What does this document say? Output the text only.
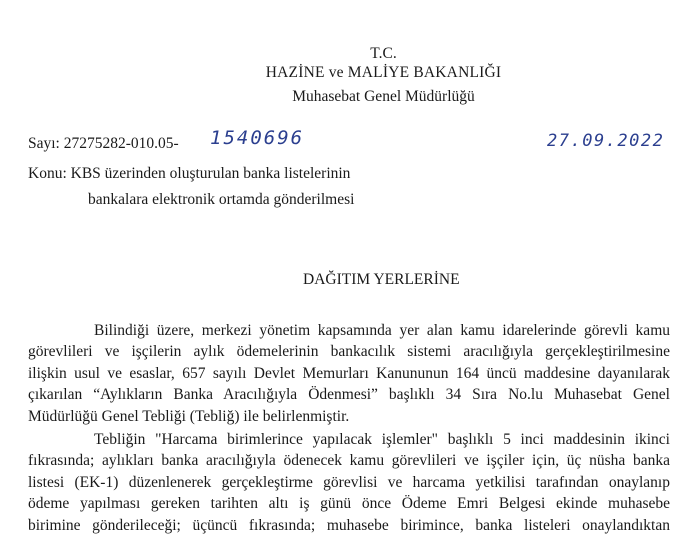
T.C.
HAZİNE ve MALİYE BAKANLIĞI
Muhasebat Genel Müdürlüğü
Sayı: 27275282-010.05- 1540696	27.09.2022
Konu: KBS üzerinden oluşturulan banka listelerinin
bankalara elektronik ortamda gönderilmesi
DAĞITIM YERLERİNE
Bilindiği üzere, merkezi yönetim kapsamında yer alan kamu idarelerinde görevli kamu
görevlileri ve işçilerin aylık ödemelerinin bankacılık sistemi aracılığıyla gerçekleştirilmesine
ilişkin usul ve esaslar, 657 sayılı Devlet Memurları Kanununun 164 üncü maddesine dayanılarak
çıkarılan “Aylıkların Banka Aracılığıyla Ödenmesi” başlıklı 34 Sıra No.lu Muhasebat Genel
Müdürlüğü Genel Tebliği (Tebliğ) ile belirlenmiştir.
Tebliğin "Harcama birimlerince yapılacak işlemler" başlıklı 5 inci maddesinin ikinci
fıkrasında; aylıkları banka aracılığıyla ödenecek kamu görevlileri ve işçiler için, üç nüsha banka
listesi (EK-1) düzenlenerek gerçekleştirme görevlisi ve harcama yetkilisi tarafından onaylanıp
ödeme yapılması gereken tarihten altı iş günü önce Ödeme Emri Belgesi ekinde muhasebe
birimine gönderileceği; üçüncü fıkrasında; muhasebe birimince, banka listeleri onaylandıktan
